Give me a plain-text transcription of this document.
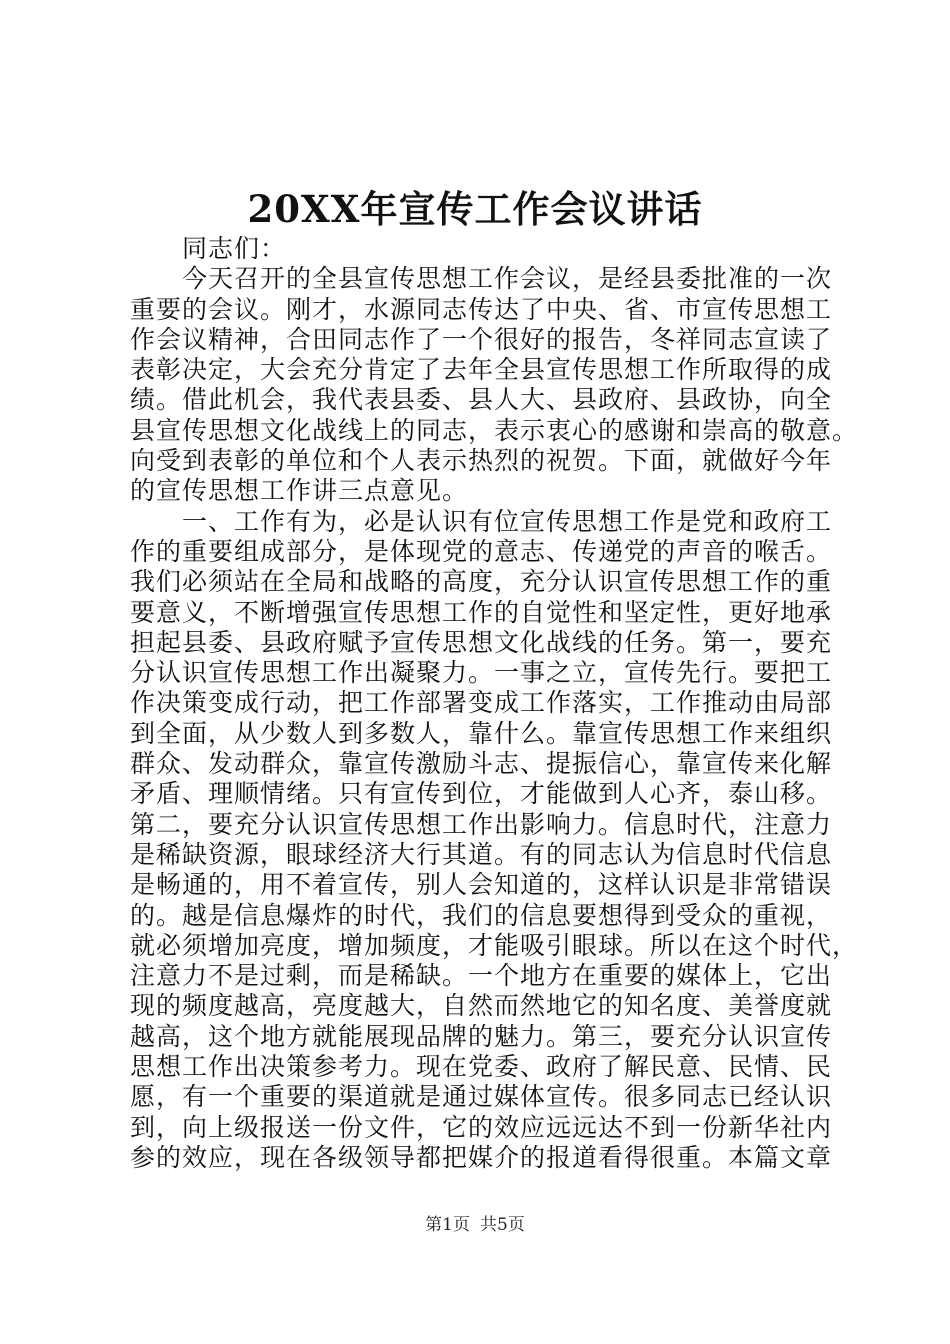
20XX年宣传工作会议讲话

同志们：

今天召开的全县宣传思想工作会议，是经县委批准的一次
重要的会议。刚才，水源同志传达了中央、省、市宣传思想工
作会议精神，合田同志作了一个很好的报告，冬祥同志宣读了
表彰决定，大会充分肯定了去年全县宣传思想工作所取得的成
绩。借此机会，我代表县委、县人大、县政府、县政协，向全
县宣传思想文化战线上的同志，表示衷心的感谢和崇高的敬意。
向受到表彰的单位和个人表示热烈的祝贺。下面，就做好今年
的宣传思想工作讲三点意见。

一、工作有为，必是认识有位宣传思想工作是党和政府工
作的重要组成部分，是体现党的意志、传递党的声音的喉舌。
我们必须站在全局和战略的高度，充分认识宣传思想工作的重
要意义，不断增强宣传思想工作的自觉性和坚定性，更好地承
担起县委、县政府赋予宣传思想文化战线的任务。第一，要充
分认识宣传思想工作出凝聚力。一事之立，宣传先行。要把工
作决策变成行动，把工作部署变成工作落实，工作推动由局部
到全面，从少数人到多数人，靠什么。靠宣传思想工作来组织
群众、发动群众，靠宣传激励斗志、提振信心，靠宣传来化解
矛盾、理顺情绪。只有宣传到位，才能做到人心齐，泰山移。
第二，要充分认识宣传思想工作出影响力。信息时代，注意力
是稀缺资源，眼球经济大行其道。有的同志认为信息时代信息
是畅通的，用不着宣传，别人会知道的，这样认识是非常错误
的。越是信息爆炸的时代，我们的信息要想得到受众的重视，
就必须增加亮度，增加频度，才能吸引眼球。所以在这个时代，
注意力不是过剩，而是稀缺。一个地方在重要的媒体上，它出
现的频度越高，亮度越大，自然而然地它的知名度、美誉度就
越高，这个地方就能展现品牌的魅力。第三，要充分认识宣传
思想工作出决策参考力。现在党委、政府了解民意、民情、民
愿，有一个重要的渠道就是通过媒体宣传。很多同志已经认识
到，向上级报送一份文件，它的效应远远达不到一份新华社内
参的效应，现在各级领导都把媒介的报道看得很重。本篇文章

第1页 共5页
